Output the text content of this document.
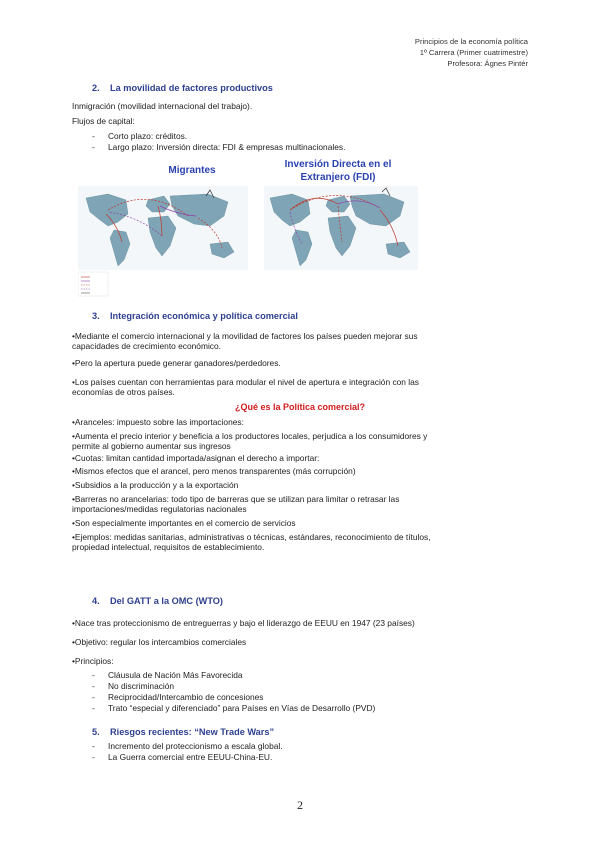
Principios de la economía política
1º Carrera (Primer cuatrimestre)
Profesora: Ágnes Pintér
2. La movilidad de factores productivos
Inmigración (movilidad internacional del trabajo).
Flujos de capital:
- Corto plazo: créditos.
- Largo plazo: Inversión directa: FDI & empresas multinacionales.
Migrantes
Inversión Directa en el
Extranjero (FDI)
3. Integración económica y política comercial
•Mediante el comercio internacional y la movilidad de factores los países pueden mejorar sus
capacidades de crecimiento económico.
•Pero la apertura puede generar ganadores/perdedores.
•Los países cuentan con herramientas para modular el nivel de apertura e integración con las
economías de otros países.
¿Qué es la Política comercial?
•Aranceles: impuesto sobre las importaciones:
•Aumenta el precio interior y beneficia a los productores locales, perjudica a los consumidores y
permite al gobierno aumentar sus ingresos
•Cuotas: limitan cantidad importada/asignan el derecho a importar:
•Mismos efectos que el arancel, pero menos transparentes (más corrupción)
•Subsidios a la producción y a la exportación
•Barreras no arancelarias: todo tipo de barreras que se utilizan para limitar o retrasar las
importaciones/medidas regulatorias nacionales
•Son especialmente importantes en el comercio de servicios
•Ejemplos: medidas sanitarias, administrativas o técnicas, estándares, reconocimiento de títulos,
propiedad intelectual, requisitos de establecimiento.
4. Del GATT a la OMC (WTO)
•Nace tras proteccionismo de entreguerras y bajo el liderazgo de EEUU en 1947 (23 países)
•Objetivo: regular los intercambios comerciales
•Principios:
- Cláusula de Nación Más Favorecida
- No discriminación
- Reciprocidad/Intercambio de concesiones
- Trato “especial y diferenciado” para Países en Vías de Desarrollo (PVD)
5. Riesgos recientes: “New Trade Wars”
- Incremento del proteccionismo a escala global.
- La Guerra comercial entre EEUU-China-EU.
2
